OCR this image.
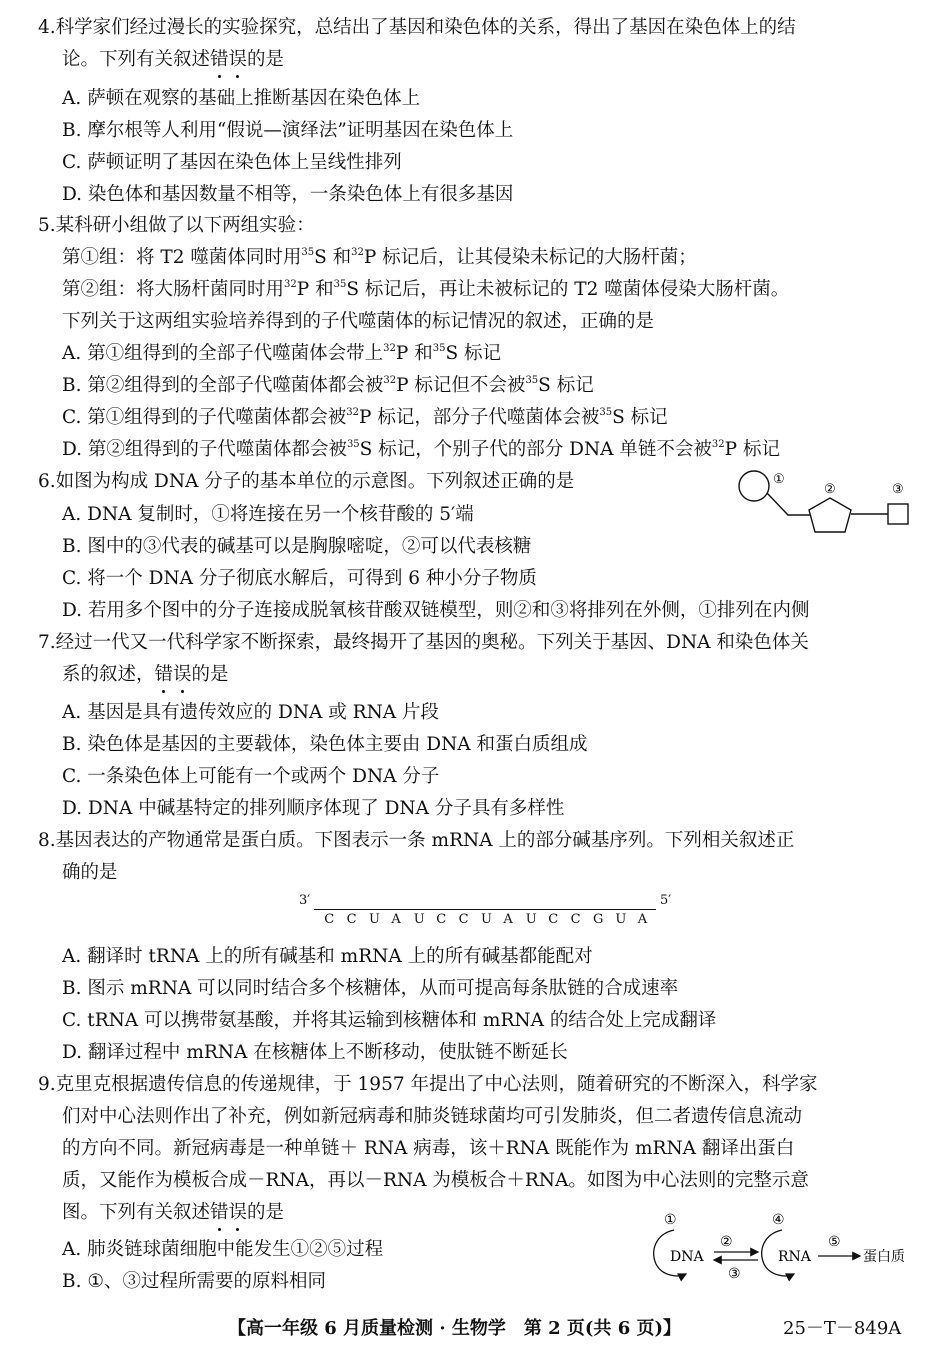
4.科学家们经过漫长的实验探究，总结出了基因和染色体的关系，得出了基因在染色体上的结
论。下列有关叙述错误的是
A. 萨顿在观察的基础上推断基因在染色体上
B. 摩尔根等人利用“假说—演绎法”证明基因在染色体上
C. 萨顿证明了基因在染色体上呈线性排列
D. 染色体和基因数量不相等，一条染色体上有很多基因
5.某科研小组做了以下两组实验：
第①组：将 T2 噬菌体同时用$^{35}$S 和$^{32}$P 标记后，让其侵染未标记的大肠杆菌；
第②组：将大肠杆菌同时用$^{32}$P 和$^{35}$S 标记后，再让未被标记的 T2 噬菌体侵染大肠杆菌。
下列关于这两组实验培养得到的子代噬菌体的标记情况的叙述，正确的是
A. 第①组得到的全部子代噬菌体会带上$^{32}$P 和$^{35}$S 标记
B. 第②组得到的全部子代噬菌体都会被$^{32}$P 标记但不会被$^{35}$S 标记
C. 第①组得到的子代噬菌体都会被$^{32}$P 标记，部分子代噬菌体会被$^{35}$S 标记
D. 第②组得到的子代噬菌体都会被$^{35}$S 标记，个别子代的部分 DNA 单链不会被$^{32}$P 标记
6.如图为构成 DNA 分子的基本单位的示意图。下列叙述正确的是
A. DNA 复制时，①将连接在另一个核苷酸的 5′端
B. 图中的③代表的碱基可以是胸腺嘧啶，②可以代表核糖
C. 将一个 DNA 分子彻底水解后，可得到 6 种小分子物质
D. 若用多个图中的分子连接成脱氧核苷酸双链模型，则②和③将排列在外侧，①排列在内侧
①
②	③
7.经过一代又一代科学家不断探索，最终揭开了基因的奥秘。下列关于基因、DNA 和染色体关
系的叙述，错误的是
A. 基因是具有遗传效应的 DNA 或 RNA 片段
B. 染色体是基因的主要载体，染色体主要由 DNA 和蛋白质组成
C. 一条染色体上可能有一个或两个 DNA 分子
D. DNA 中碱基特定的排列顺序体现了 DNA 分子具有多样性
8.基因表达的产物通常是蛋白质。下图表示一条 mRNA 上的部分碱基序列。下列相关叙述正
确的是
3′	5′
C C U A U C C U A U C C G U A
A. 翻译时 tRNA 上的所有碱基和 mRNA 上的所有碱基都能配对
B. 图示 mRNA 可以同时结合多个核糖体，从而可提高每条肽链的合成速率
C. tRNA 可以携带氨基酸，并将其运输到核糖体和 mRNA 的结合处上完成翻译
D. 翻译过程中 mRNA 在核糖体上不断移动，使肽链不断延长
9.克里克根据遗传信息的传递规律，于 1957 年提出了中心法则，随着研究的不断深入，科学家
们对中心法则作出了补充，例如新冠病毒和肺炎链球菌均可引发肺炎，但二者遗传信息流动
的方向不同。新冠病毒是一种单链＋ RNA 病毒，该＋RNA 既能作为 mRNA 翻译出蛋白
质，又能作为模板合成－RNA，再以－RNA 为模板合＋RNA。如图为中心法则的完整示意
图。下列有关叙述错误的是
A. 肺炎链球菌细胞中能发生①②⑤过程
B. ①、③过程所需要的原料相同
①
DNA
②
③
④
RNA
⑤
蛋白质
【高一年级 6 月质量检测 · 生物学　第 2 页(共 6 页)】	25－T－849A
